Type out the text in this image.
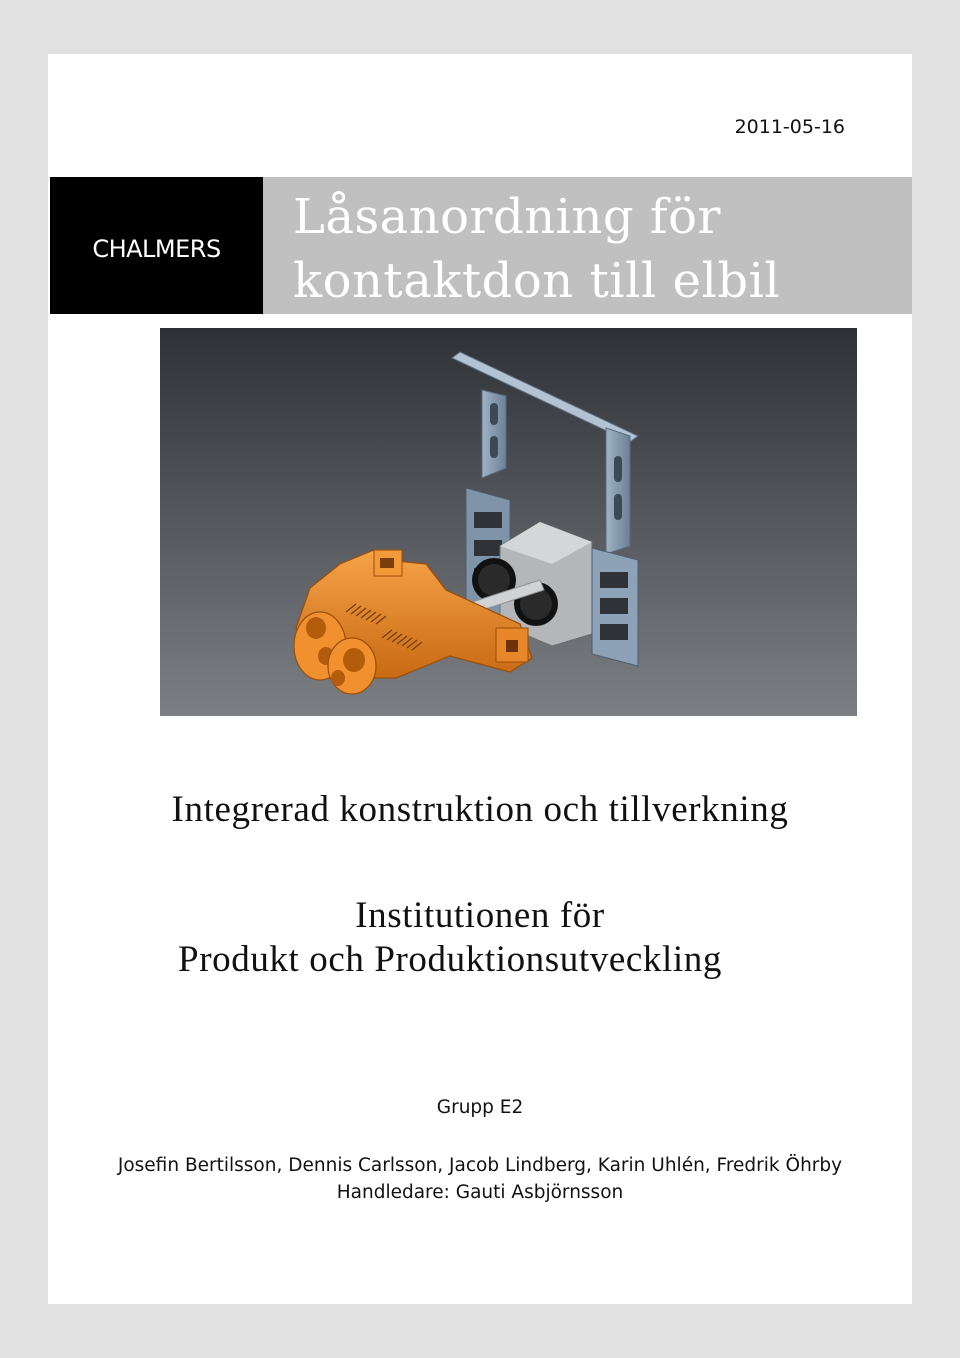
2011-05-16
CHALMERS
Låsanordning för
kontaktdon till elbil
Integrerad konstruktion och tillverkning
Institutionen för
Produkt och Produktionsutveckling
Grupp E2
Josefin Bertilsson, Dennis Carlsson, Jacob Lindberg, Karin Uhlén, Fredrik Öhrby
Handledare: Gauti Asbjörnsson
